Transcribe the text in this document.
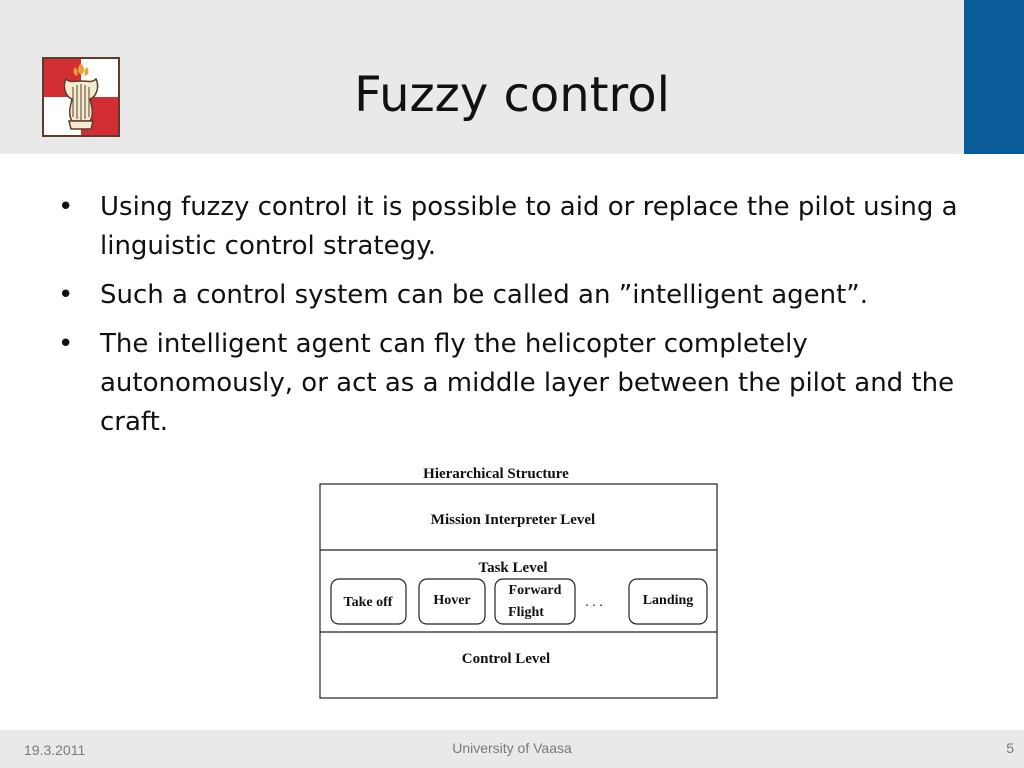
Fuzzy control
• Using fuzzy control it is possible to aid or replace the pilot using a linguistic control strategy.
• Such a control system can be called an ”intelligent agent”.
• The intelligent agent can fly the helicopter completely autonomously, or act as a middle layer between the pilot and the craft.
Hierarchical Structure
Mission Interpreter Level
Task Level
Take off	Hover
Forward
Flight
. . .	Landing
Control Level
19.3.2011	University of Vaasa	5
